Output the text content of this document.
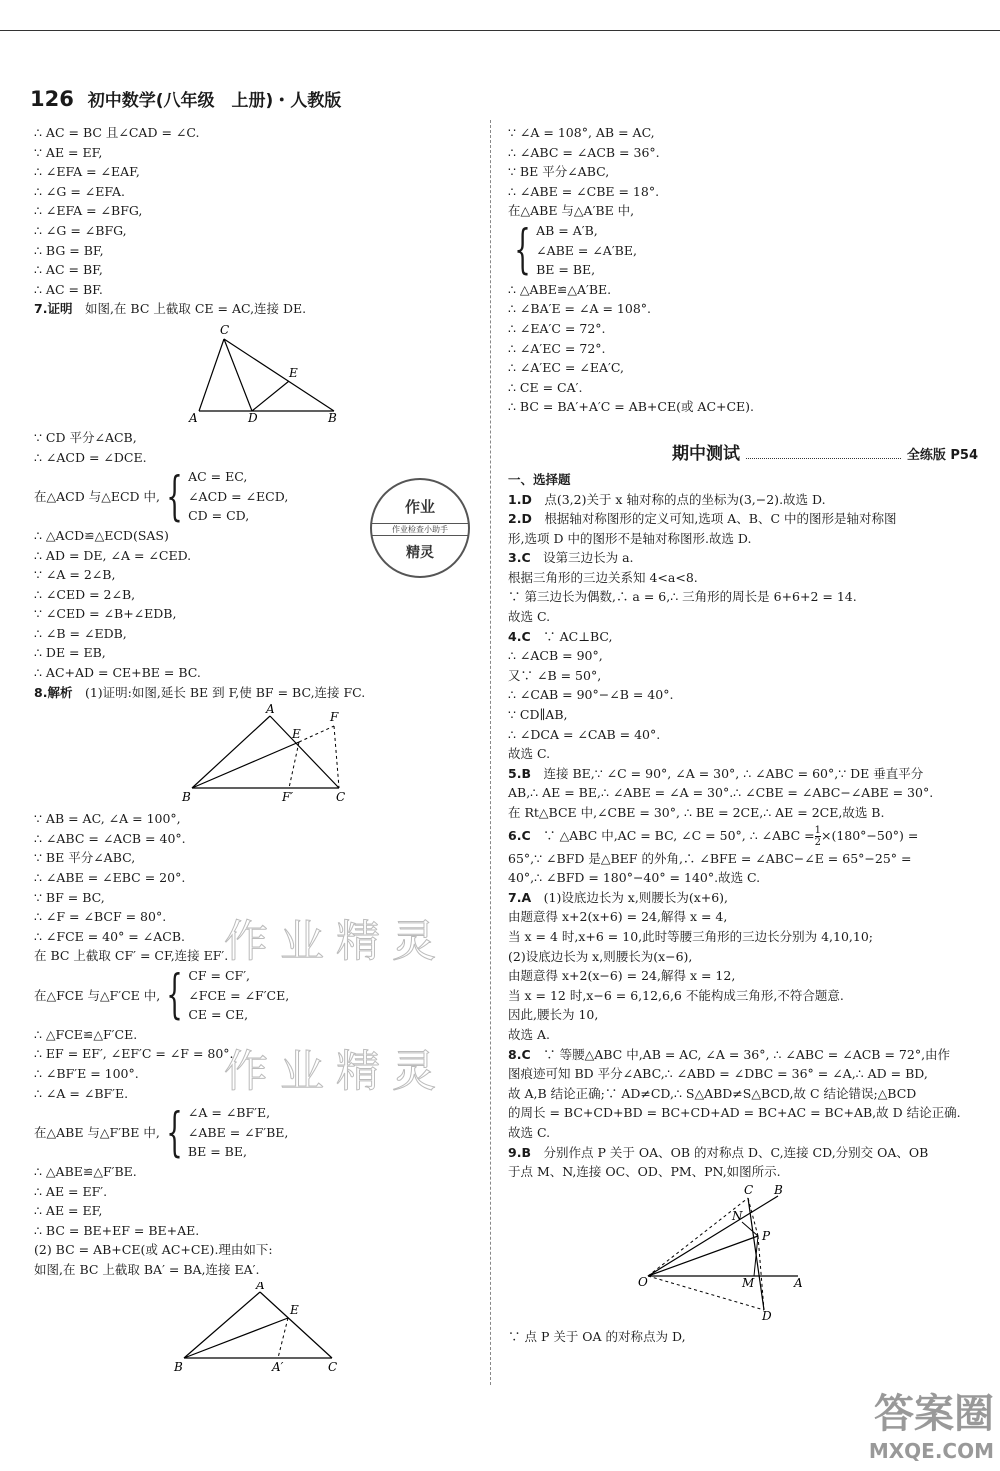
126 初中数学(八年级　上册)・人教版
∴ AC = BC 且∠CAD = ∠C.
∵ AE = EF,
∴ ∠EFA = ∠EAF,
∴ ∠G = ∠EFA.
∴ ∠EFA = ∠BFG,
∴ ∠G = ∠BFG,
∴ BG = BF,
∴ AC = BF,
∴ AC = BF.
7.证明　如图,在 BC 上截取 CE = AC,连接 DE.
C
E
A	D	B
∵ CD 平分∠ACB,
∴ ∠ACD = ∠DCE.
在△ACD 与△ECD 中, { AC = EC,
∠ACD = ∠ECD,
CD = CD,
∴ △ACD≌△ECD(SAS)
∴ AD = DE, ∠A = ∠CED.
∵ ∠A = 2∠B,
∴ ∠CED = 2∠B,
∵ ∠CED = ∠B+∠EDB,
∴ ∠B = ∠EDB,
∴ DE = EB,
∴ AC+AD = CE+BE = BC.
8.解析　(1)证明:如图,延长 BE 到 F,使 BF = BC,连接 FC.
A
E
F
B	F′	C
∵ AB = AC, ∠A = 100°,
∴ ∠ABC = ∠ACB = 40°.
∵ BE 平分∠ABC,
∴ ∠ABE = ∠EBC = 20°.
∵ BF = BC,
∴ ∠F = ∠BCF = 80°.
∴ ∠FCE = 40° = ∠ACB.
在 BC 上截取 CF′ = CF,连接 EF′.
在△FCE 与△F′CE 中, { CF = CF′,
∠FCE = ∠F′CE,
CE = CE,
∴ △FCE≌△F′CE.
∴ EF = EF′, ∠EF′C = ∠F = 80°.
∴ ∠BF′E = 100°.
∴ ∠A = ∠BF′E.
在△ABE 与△F′BE 中, { ∠A = ∠BF′E,
∠ABE = ∠F′BE,
BE = BE,
∴ △ABE≌△F′BE.
∴ AE = EF′.
∴ AE = EF,
∴ BC = BE+EF = BE+AE.
(2) BC = AB+CE(或 AC+CE).理由如下:
如图,在 BC 上截取 BA′ = BA,连接 EA′.
A
E
B	A′	C
∵ ∠A = 108°, AB = AC,
∴ ∠ABC = ∠ACB = 36°.
∵ BE 平分∠ABC,
∴ ∠ABE = ∠CBE = 18°.
在△ABE 与△A′BE 中,
{ AB = A′B,
∠ABE = ∠A′BE,
BE = BE,
∴ △ABE≌△A′BE.
∴ ∠BA′E = ∠A = 108°.
∴ ∠EA′C = 72°.
∴ ∠A′EC = 72°.
∴ ∠A′EC = ∠EA′C,
∴ CE = CA′.
∴ BC = BA′+A′C = AB+CE(或 AC+CE).
期中测试	全练版 P54
一、选择题
1.D　点(3,2)关于 x 轴对称的点的坐标为(3,−2).故选 D.
2.D　根据轴对称图形的定义可知,选项 A、B、C 中的图形是轴对称图
形,选项 D 中的图形不是轴对称图形.故选 D.
3.C　设第三边长为 a.
根据三角形的三边关系知 4<a<8.
∵ 第三边长为偶数,∴ a = 6,∴ 三角形的周长是 6+6+2 = 14.
故选 C.
4.C　∵ AC⊥BC,
∴ ∠ACB = 90°,
又∵ ∠B = 50°,
∴ ∠CAB = 90°−∠B = 40°.
∵ CD∥AB,
∴ ∠DCA = ∠CAB = 40°.
故选 C.
5.B　连接 BE,∵ ∠C = 90°, ∠A = 30°, ∴ ∠ABC = 60°,∵ DE 垂直平分
AB,∴ AE = BE,∴ ∠ABE = ∠A = 30°.∴ ∠CBE = ∠ABC−∠ABE = 30°.
在 Rt△BCE 中,∠CBE = 30°, ∴ BE = 2CE,∴ AE = 2CE,故选 B.
6.C　∵ △ABC 中,AC = BC, ∠C = 50°, ∴ ∠ABC = $\frac{1}{2} \times(180^\circ-50^\circ)$ =
65°,∵ ∠BFD 是△BEF 的外角,∴ ∠BFE = ∠ABC−∠E = 65°−25° =
40°,∴ ∠BFD = 180°−40° = 140°.故选 C.
7.A　(1)设底边长为 x,则腰长为(x+6),
由题意得 x+2(x+6) = 24,解得 x = 4,
当 x = 4 时,x+6 = 10,此时等腰三角形的三边长分别为 4,10,10;
(2)设底边长为 x,则腰长为(x−6),
由题意得 x+2(x−6) = 24,解得 x = 12,
当 x = 12 时,x−6 = 6,12,6,6 不能构成三角形,不符合题意.
因此,腰长为 10,
故选 A.
8.C　∵ 等腰△ABC 中,AB = AC, ∠A = 36°, ∴ ∠ABC = ∠ACB = 72°,由作
图痕迹可知 BD 平分∠ABC,∴ ∠ABD = ∠DBC = 36° = ∠A,∴ AD = BD,
故 A,B 结论正确;∵ AD≠CD,∴ S△ABD≠S△BCD,故 C 结论错误;△BCD
的周长 = BC+CD+BD = BC+CD+AD = BC+AC = BC+AB,故 D 结论正确.
故选 C.
9.B　分别作点 P 关于 OA、OB 的对称点 D、C,连接 CD,分别交 OA、OB
于点 M、N,连接 OC、OD、PM、PN,如图所示.
C B
N
P
O	M	A
D
∵ 点 P 关于 OA 的对称点为 D,
作业
作业检查小助手
精灵
作业精灵
作业精灵
答案圈
MXQE.COM
